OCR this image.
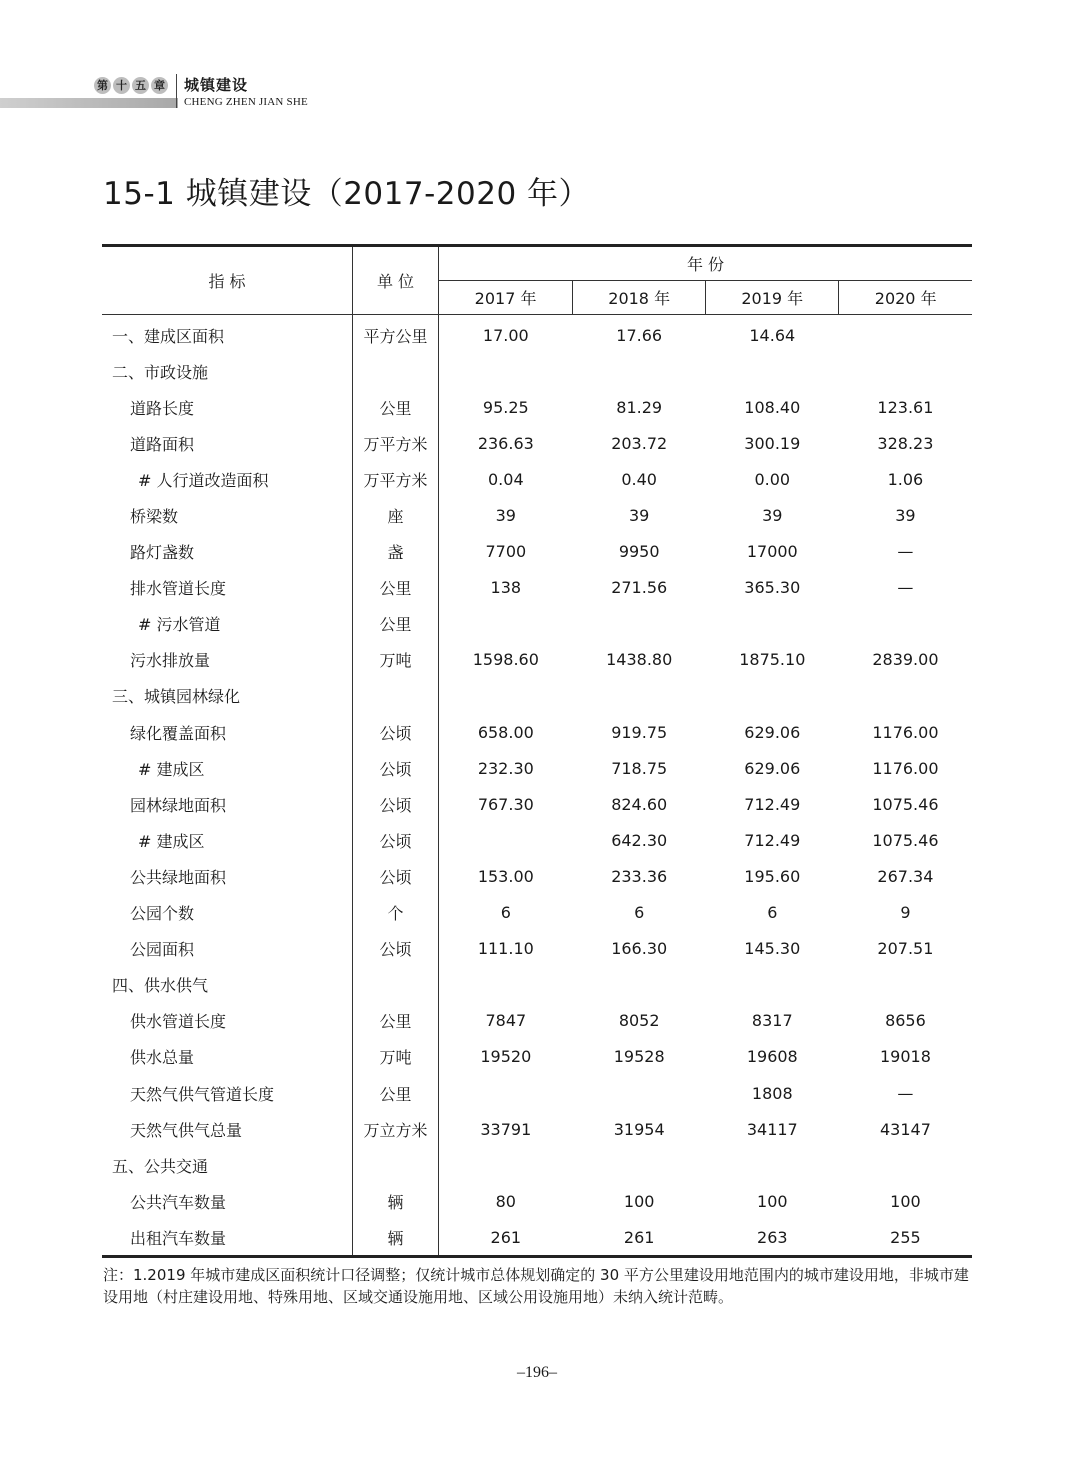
第 十 五 章 城镇建设
CHENG ZHEN JIAN SHE
15-1 城镇建设（2017-2020 年）
指 标	单 位	年 份			
		2017 年	2018 年	2019 年	2020 年
一、建成区面积	平方公里	17.00	17.66	14.64	
二、市政设施					
道路长度	公里	95.25	81.29	108.40	123.61
道路面积	万平方米	236.63	203.72	300.19	328.23
# 人行道改造面积	万平方米	0.04	0.40	0.00	1.06
桥梁数	座	39	39	39	39
路灯盏数	盏	7700	9950	17000	—
排水管道长度	公里	138	271.56	365.30	—
# 污水管道	公里				
污水排放量	万吨	1598.60	1438.80	1875.10	2839.00
三、城镇园林绿化					
绿化覆盖面积	公顷	658.00	919.75	629.06	1176.00
# 建成区	公顷	232.30	718.75	629.06	1176.00
园林绿地面积	公顷	767.30	824.60	712.49	1075.46
# 建成区	公顷		642.30	712.49	1075.46
公共绿地面积	公顷	153.00	233.36	195.60	267.34
公园个数	个	6	6	6	9
公园面积	公顷	111.10	166.30	145.30	207.51
四、供水供气					
供水管道长度	公里	7847	8052	8317	8656
供水总量	万吨	19520	19528	19608	19018
天然气供气管道长度	公里			1808	—
天然气供气总量	万立方米	33791	31954	34117	43147
五、公共交通					
公共汽车数量	辆	80	100	100	100
出租汽车数量	辆	261	261	263	255
注：1.2019 年城市建成区面积统计口径调整；仅统计城市总体规划确定的 30 平方公里建设用地范围内的城市建设用地，非城市建设用地（村庄建设用地、特殊用地、区域交通设施用地、区域公用设施用地）未纳入统计范畴。
–196–
